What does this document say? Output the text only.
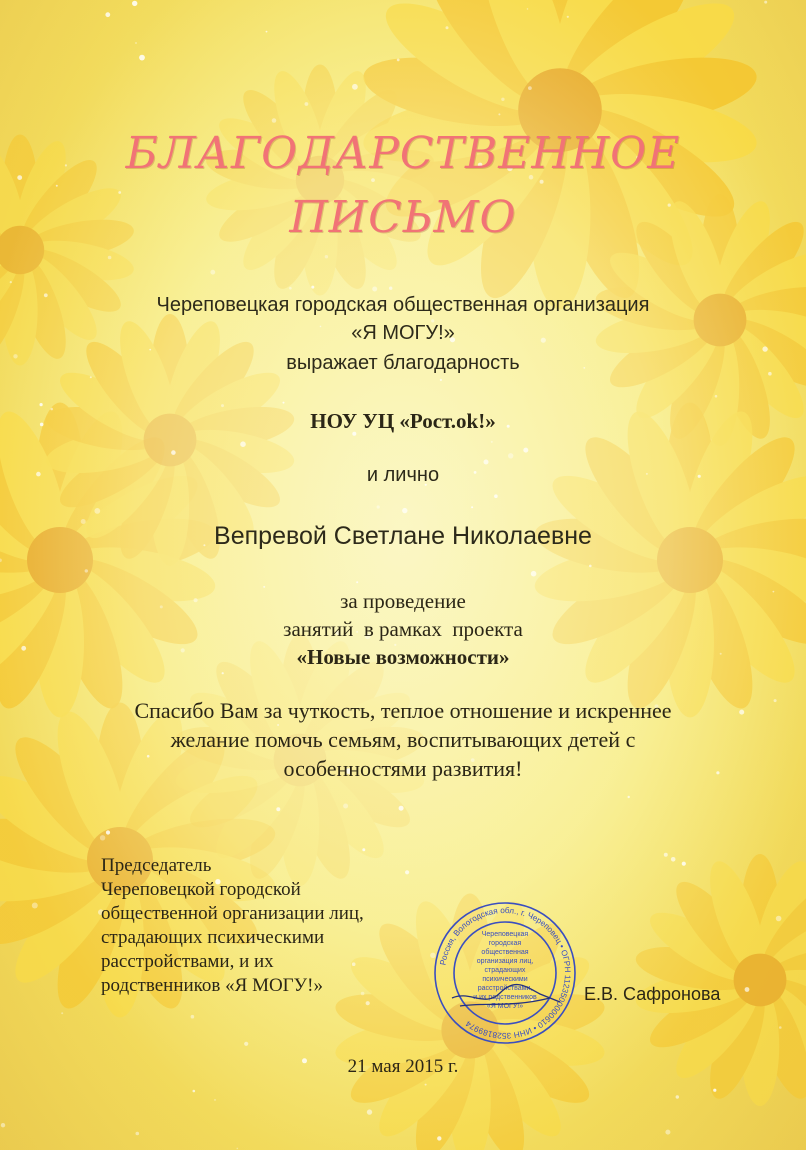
БЛАГОДАРСТВЕННОЕ
ПИСЬМО
Череповецкая городская общественная организация
«Я МОГУ!»
выражает благодарность
НОУ УЦ «Рост.ok!»
и лично
Вепревой Светлане Николаевне
за проведение
занятий  в рамках  проекта
«Новые возможности»
Спасибо Вам за чуткость, теплое отношение и искреннее
желание помочь семьям, воспитывающих детей с
особенностями развития!
Председатель
Череповецкой городской
общественной организации лиц,
страдающих психическими
расстройствами, и их
родственников «Я МОГУ!»
Россия, Вологодская обл., г. Череповец • ОГРН 1123500000610 • ИНН 3528189974
Череповецкая
городская
общественная
организация лиц,
страдающих
психическими
расстройствами,
и их родственников
«Я МОГУ!»
Е.В. Сафронова
21 мая 2015 г.
